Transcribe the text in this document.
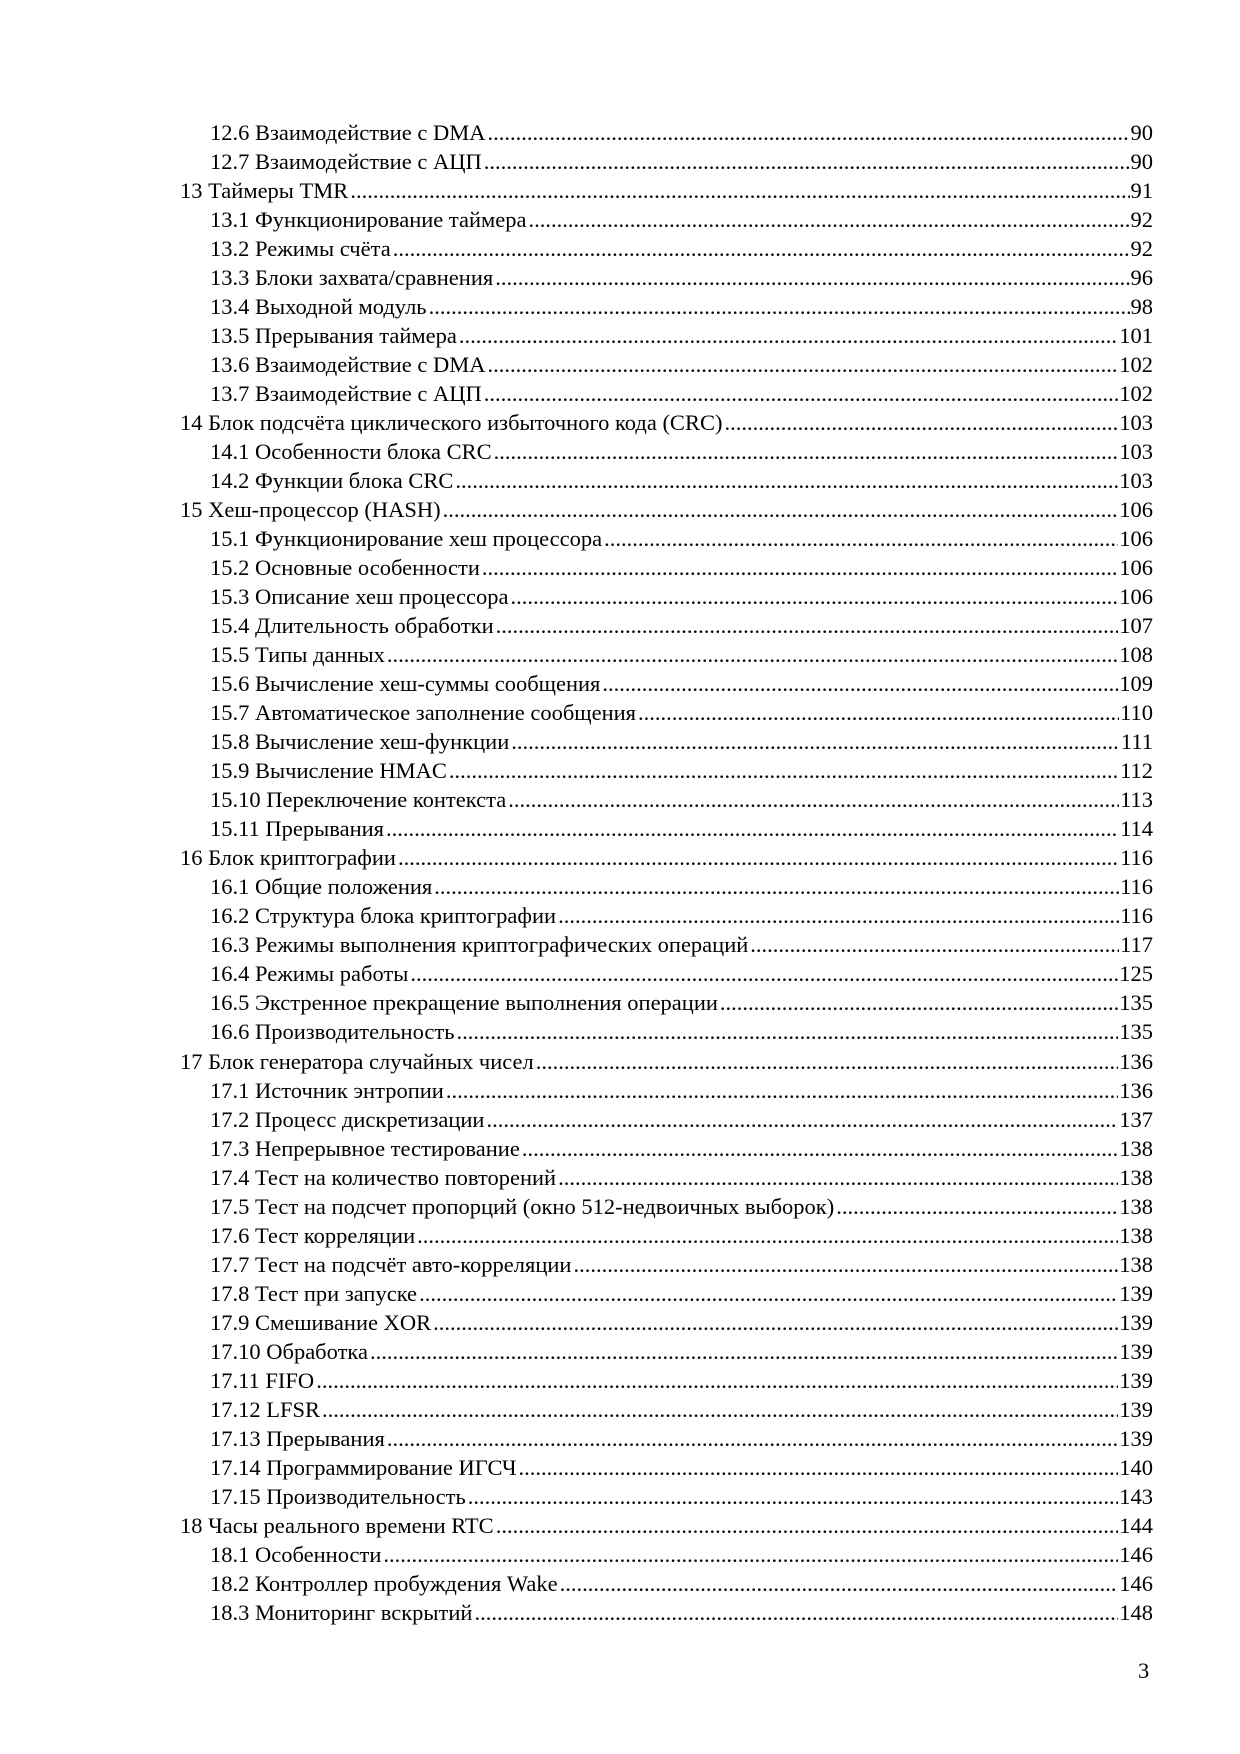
12.6 Взаимодействие с DMA .....	90
12.7 Взаимодействие с АЦП .....	90
13 Таймеры TMR .....	91
13.1 Функционирование таймера .....	92
13.2 Режимы счёта .....	92
13.3 Блоки захвата/сравнения .....	96
13.4 Выходной модуль .....	98
13.5 Прерывания таймера .....	101
13.6 Взаимодействие с DMA .....	102
13.7 Взаимодействие с АЦП .....	102
14 Блок подсчёта циклического избыточного кода (CRC) .....	103
14.1 Особенности блока CRC .....	103
14.2 Функции блока CRC .....	103
15 Хеш-процессор (HASH) .....	106
15.1 Функционирование хеш процессора .....	106
15.2 Основные особенности .....	106
15.3 Описание хеш процессора .....	106
15.4 Длительность обработки .....	107
15.5 Типы данных .....	108
15.6 Вычисление хеш-суммы сообщения .....	109
15.7 Автоматическое заполнение сообщения .....	110
15.8 Вычисление хеш-функции .....	111
15.9 Вычисление HMAC .....	112
15.10 Переключение контекста .....	113
15.11 Прерывания .....	114
16 Блок криптографии .....	116
16.1 Общие положения .....	116
16.2 Структура блока криптографии .....	116
16.3 Режимы выполнения криптографических операций .....	117
16.4 Режимы работы .....	125
16.5 Экстренное прекращение выполнения операции .....	135
16.6 Производительность .....	135
17 Блок генератора случайных чисел .....	136
17.1 Источник энтропии .....	136
17.2 Процесс дискретизации .....	137
17.3 Непрерывное тестирование .....	138
17.4 Тест на количество повторений .....	138
17.5 Тест на подсчет пропорций (окно 512-недвоичных выборок) .....	138
17.6 Тест корреляции .....	138
17.7 Тест на подсчёт авто-корреляции .....	138
17.8 Тест при запуске .....	139
17.9 Смешивание XOR .....	139
17.10 Обработка .....	139
17.11 FIFO .....	139
17.12 LFSR .....	139
17.13 Прерывания .....	139
17.14 Программирование ИГСЧ .....	140
17.15 Производительность .....	143
18 Часы реального времени RTC .....	144
18.1 Особенности .....	146
18.2 Контроллер пробуждения Wake .....	146
18.3 Мониторинг вскрытий .....	148
3
